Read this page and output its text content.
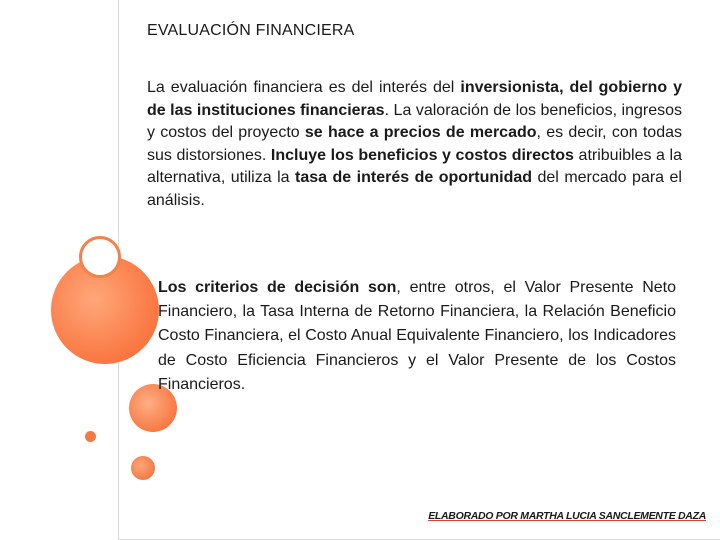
EVALUACIÓN FINANCIERA

La evaluación financiera es del interés del inversionista, del gobierno y de las instituciones financieras. La valoración de los beneficios, ingresos y costos del proyecto se hace a precios de mercado, es decir, con todas sus distorsiones. Incluye los beneficios y costos directos atribuibles a la alternativa, utiliza la tasa de interés de oportunidad del mercado para el análisis.

Los criterios de decisión son, entre otros, el Valor Presente Neto Financiero, la Tasa Interna de Retorno Financiera, la Relación Beneficio Costo Financiera, el Costo Anual Equivalente Financiero, los Indicadores de Costo Eficiencia Financieros y el Valor Presente de los Costos Financieros.

ELABORADO POR MARTHA LUCIA SANCLEMENTE DAZA
